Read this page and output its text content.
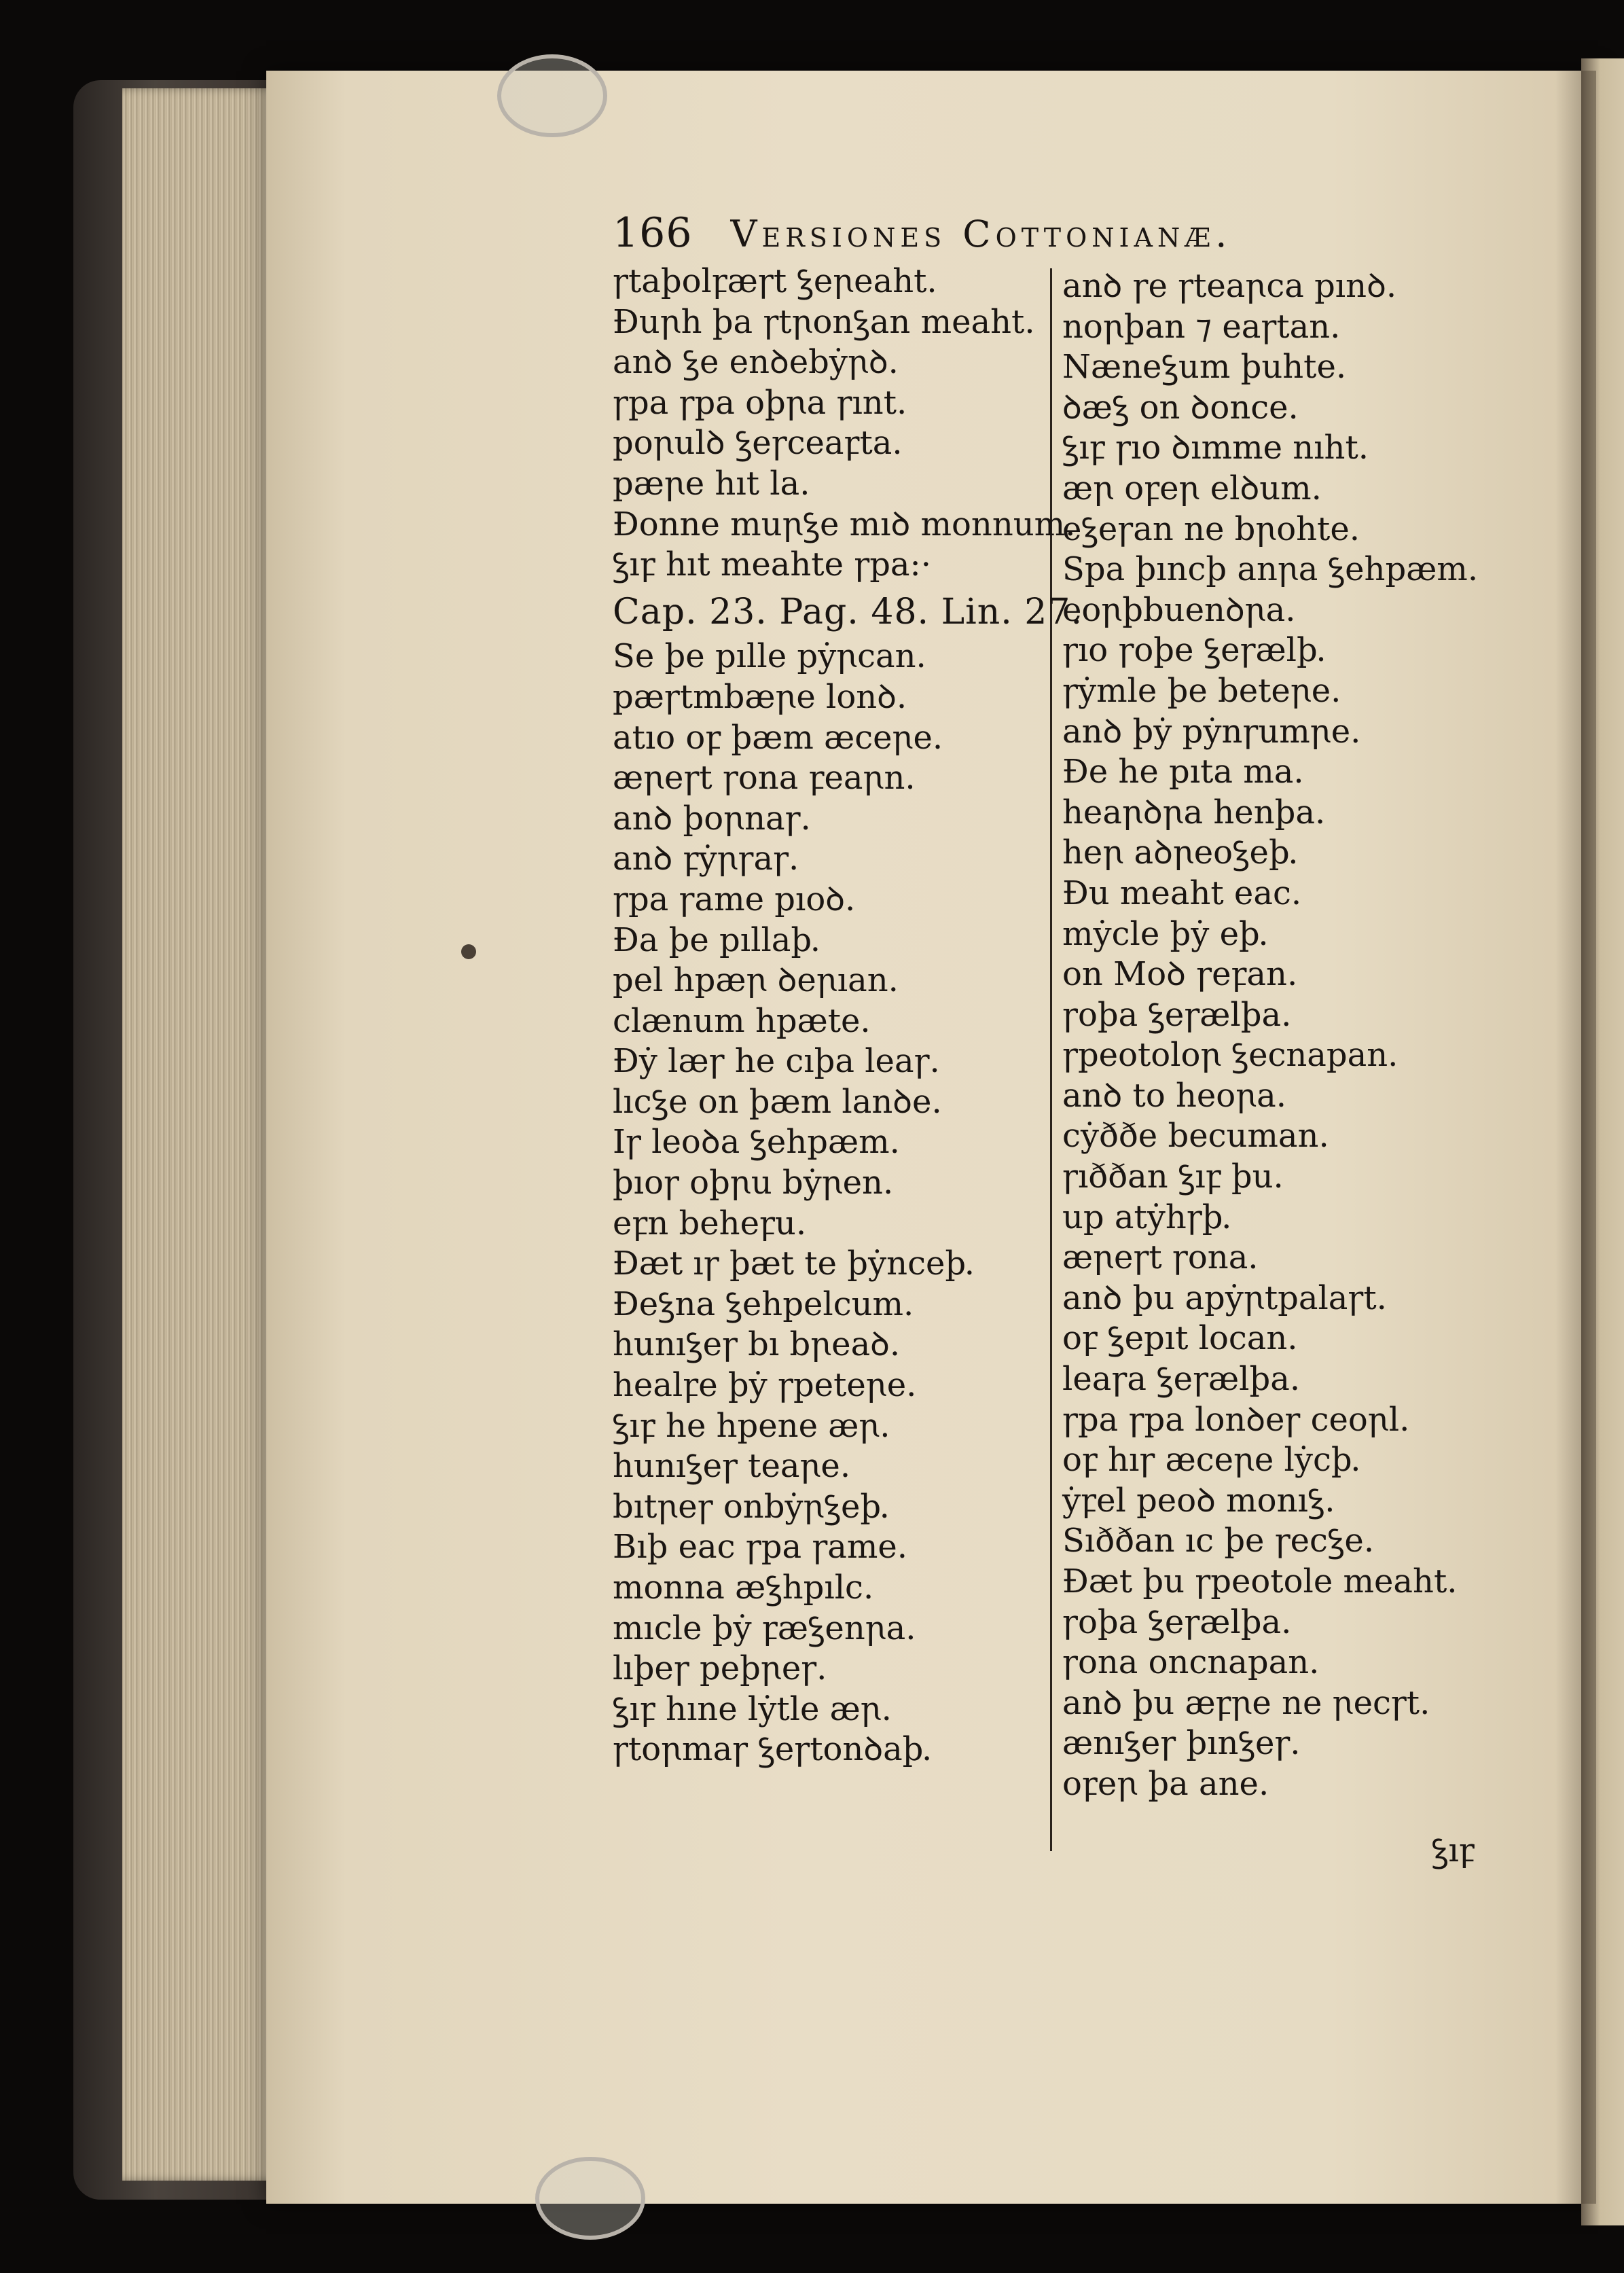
166 Versiones Cottonianæ.
ꞅtaþolꝼæꞅt ꝣeꞃeaht.
Ðuꞃh þa ꞅtꞃonꝣan meaht.
anꝺ ꝣe enꝺebẏꞃꝺ.
ꞅpa ꞅpa oþꞃa ꞅınt.
poꞃulꝺ ꝣeꞅceaꝼta.
pæꞃe hıt la.
Ðonne muꞃꝣe mıꝺ monnum.
ꝣıꝼ hıt meahte ꞅpa:·
Cap. 23. Pag. 48. Lin. 27.
Se þe pılle pẏꞃcan.
pæꞅtmbæꞃe lonꝺ.
atıo oꝼ þæm æceꞃe.
æꞃeꞅt ꞅona ꝼeaꞃn.
anꝺ þoꞃnaꞅ.
anꝺ ꝼẏꞃꞅaꞅ.
ꞅpa ꞅame pıoꝺ.
Ða þe pıllaþ.
pel hpæꞃ ꝺeꞃıan.
clænum hpæte.
Ðẏ læꞅ he cıþa leaꞅ.
lıcꝣe on þæm lanꝺe.
Iꞅ leoꝺa ꝣehpæm.
þıoꞅ oþꞃu bẏꞃen.
eꝼn beheꝼu.
Ðæt ıꞅ þæt te þẏnceþ.
Ðeꝣna ꝣehpelcum.
hunıꝣeꞅ bı bꞃeaꝺ.
healꝼe þẏ ꞅpeteꞃe.
ꝣıꝼ he hpene æꞃ.
hunıꝣeꞅ teaꞃe.
bıtꞃeꞅ onbẏꞃꝣeþ.
Bıþ eac ꞅpa ꞅame.
monna æꝣhpılc.
mıcle þẏ ꝼæꝣenꞃa.
lıþeꞅ peþꞃeꞅ.
ꝣıꝼ hıne lẏtle æꞃ.
ꞅtoꞃmaꞅ ꝣeꞅtonꝺaþ.
anꝺ ꞅe ꞅteaꞃca pınꝺ.
noꞃþan ⁊ eaꞅtan.
Næneꝣum þuhte.
ꝺæꝣ on ꝺonce.
ꝣıꝼ ꞅıo ꝺımme nıht.
æꞃ oꝼeꞃ elꝺum.
eꝣeꞅan ne bꞃohte.
Spa þıncþ anꞃa ꝣehpæm.
eoꞃþbuenꝺꞃa.
ꞅıo ꞅoþe ꝣeꞅælþ.
ꞅẏmle þe beteꞃe.
anꝺ þẏ pẏnꞅumꞃe.
Ðe he pıta ma.
heaꞃꝺꞃa henþa.
heꞃ aꝺꞃeoꝣeþ.
Ðu meaht eac.
mẏcle þẏ eþ.
on Moꝺ ꞅeꝼan.
ꞅoþa ꝣeꞅælþa.
ꞅpeotoloꞃ ꝣecnapan.
anꝺ to heoꞃa.
cẏððe becuman.
ꞅıððan ꝣıꝼ þu.
up atẏhꞅþ.
æꞃeꞅt ꞅona.
anꝺ þu apẏꞃtpalaꞅt.
oꝼ ꝣepıt locan.
leaꞅa ꝣeꞅælþa.
ꞅpa ꞅpa lonꝺeꞅ ceoꞃl.
oꝼ hıꞅ æceꞃe lẏcþ.
ẏꝼel peoꝺ monıꝣ.
Sıððan ıc þe ꞅecꝣe.
Ðæt þu ꞅpeotole meaht.
ꞅoþa ꝣeꞅælþa.
ꞅona oncnapan.
anꝺ þu æꝼꞃe ne ꞃecꞅt.
ænıꝣeꞅ þınꝣeꞅ.
oꝼeꞃ þa ane.
ꝣıꝼ
